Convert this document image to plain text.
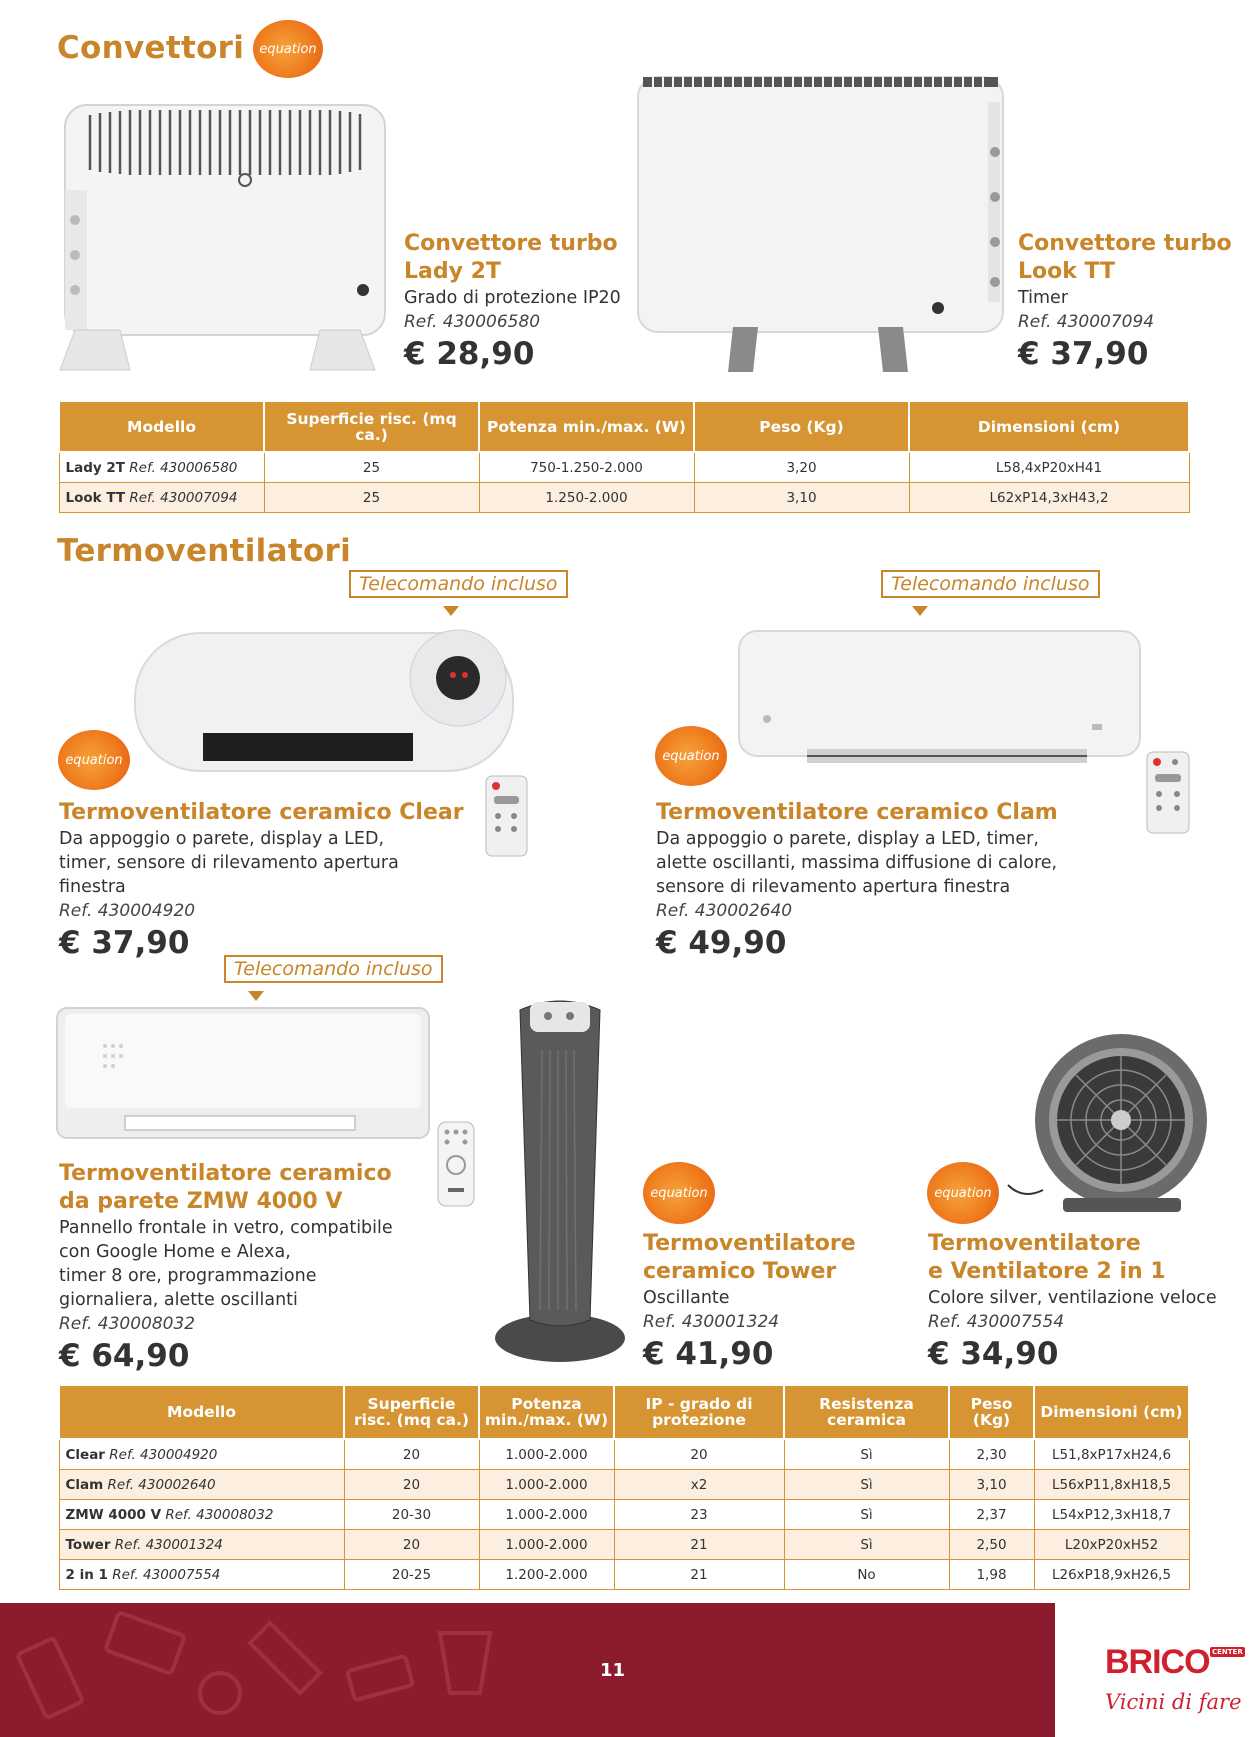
Convettori	equation
Convettore turbo
Lady 2T
Grado di protezione IP20
Ref. 430006580
€ 28,90
Convettore turbo
Look TT
Timer
Ref. 430007094
€ 37,90
Modello	Superficie risc. (mq ca.)	Potenza min./max. (W)	Peso (Kg)	Dimensioni (cm)
Lady 2T Ref. 430006580	25	750-1.250-2.000	3,20	L58,4xP20xH41
Look TT Ref. 430007094	25	1.250-2.000	3,10	L62xP14,3xH43,2
Termoventilatori
Telecomando incluso	Telecomando incluso
equation	equation
Termoventilatore ceramico Clear
Da appoggio o parete, display a LED,
timer, sensore di rilevamento apertura
finestra
Ref. 430004920
€ 37,90
Termoventilatore ceramico Clam
Da appoggio o parete, display a LED, timer,
alette oscillanti, massima diffusione di calore,
sensore di rilevamento apertura finestra
Ref. 430002640
€ 49,90
Telecomando incluso
Termoventilatore ceramico
da parete ZMW 4000 V
Pannello frontale in vetro, compatibile
con Google Home e Alexa,
timer 8 ore, programmazione
giornaliera, alette oscillanti
Ref. 430008032
€ 64,90
equation
Termoventilatore
ceramico Tower
Oscillante
Ref. 430001324
€ 41,90
equation
Termoventilatore
e Ventilatore 2 in 1
Colore silver, ventilazione veloce
Ref. 430007554
€ 34,90
Modello	Superficie risc. (mq ca.)	Potenza min./max. (W)	IP - grado di protezione	Resistenza ceramica	Peso (Kg)	Dimensioni (cm)
Clear Ref. 430004920	20	1.000-2.000	20	Sì	2,30	L51,8xP17xH24,6
Clam Ref. 430002640	20	1.000-2.000	x2	Sì	3,10	L56xP11,8xH18,5
ZMW 4000 V Ref. 430008032	20-30	1.000-2.000	23	Sì	2,37	L54xP12,3xH18,7
Tower Ref. 430001324	20	1.000-2.000	21	Sì	2,50	L20xP20xH52
2 in 1 Ref. 430007554	20-25	1.200-2.000	21	No	1,98	L26xP18,9xH26,5
11	BRICO CENTER
Vicini di fare
